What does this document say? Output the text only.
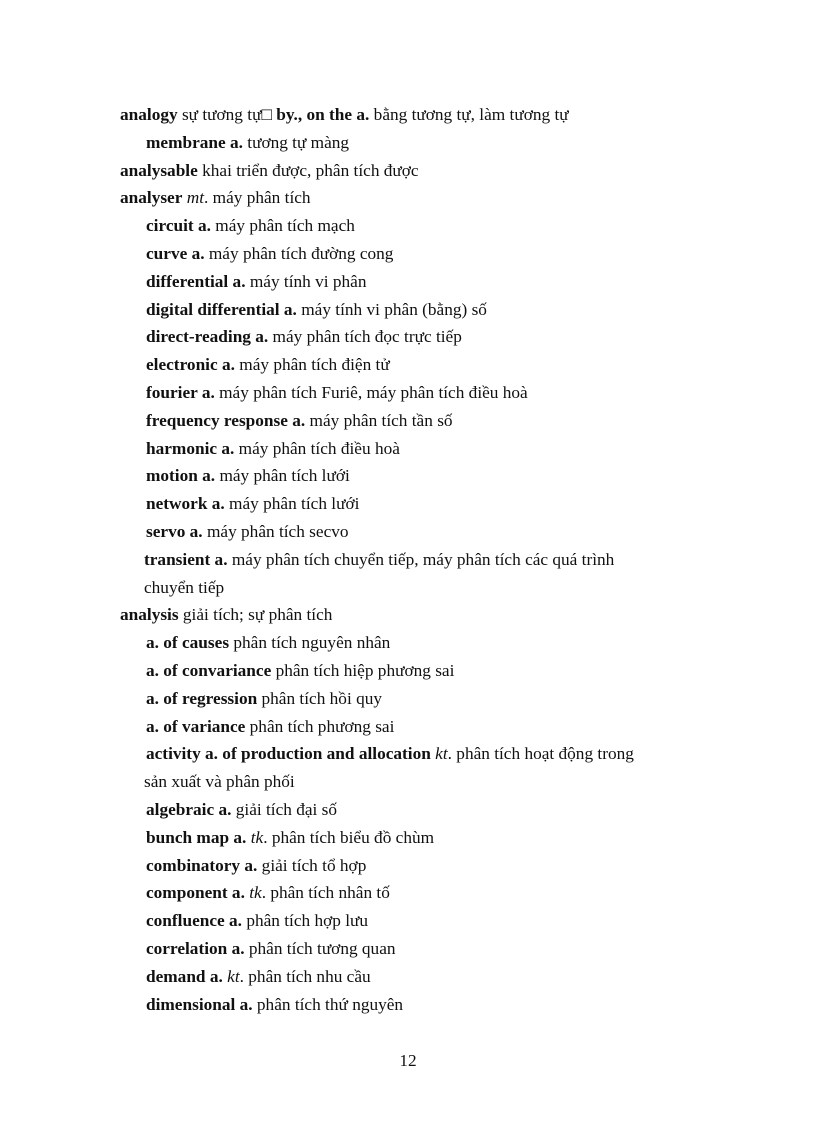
analogy sự tương tự□ by., on the a. bằng tương tự, làm tương tự
membrane a. tương tự màng
analysable khai triển được, phân tích được
analyser mt. máy phân tích
circuit a. máy phân tích mạch
curve a. máy phân tích đường cong
differential a. máy tính vi phân
digital differential a. máy tính vi phân (bằng) số
direct-reading a. máy phân tích đọc trực tiếp
electronic a. máy phân tích điện tử
fourier a. máy phân tích Furiê, máy phân tích điều hoà
frequency response a. máy phân tích tần số
harmonic a. máy phân tích điều hoà
motion a. máy phân tích lưới
network a. máy phân tích lưới
servo a. máy phân tích secvo
transient a. máy phân tích chuyển tiếp, máy phân tích các quá trình
chuyển tiếp
analysis giải tích; sự phân tích
a. of causes phân tích nguyên nhân
a. of convariance phân tích hiệp phương sai
a. of regression phân tích hồi quy
a. of variance phân tích phương sai
activity a. of production and allocation kt. phân tích hoạt động trong
sản xuất và phân phối
algebraic a. giải tích đại số
bunch map a. tk. phân tích biểu đồ chùm
combinatory a. giải tích tổ hợp
component a. tk. phân tích nhân tố
confluence a. phân tích hợp lưu
correlation a. phân tích tương quan
demand a. kt. phân tích nhu cầu
dimensional a. phân tích thứ nguyên
12
